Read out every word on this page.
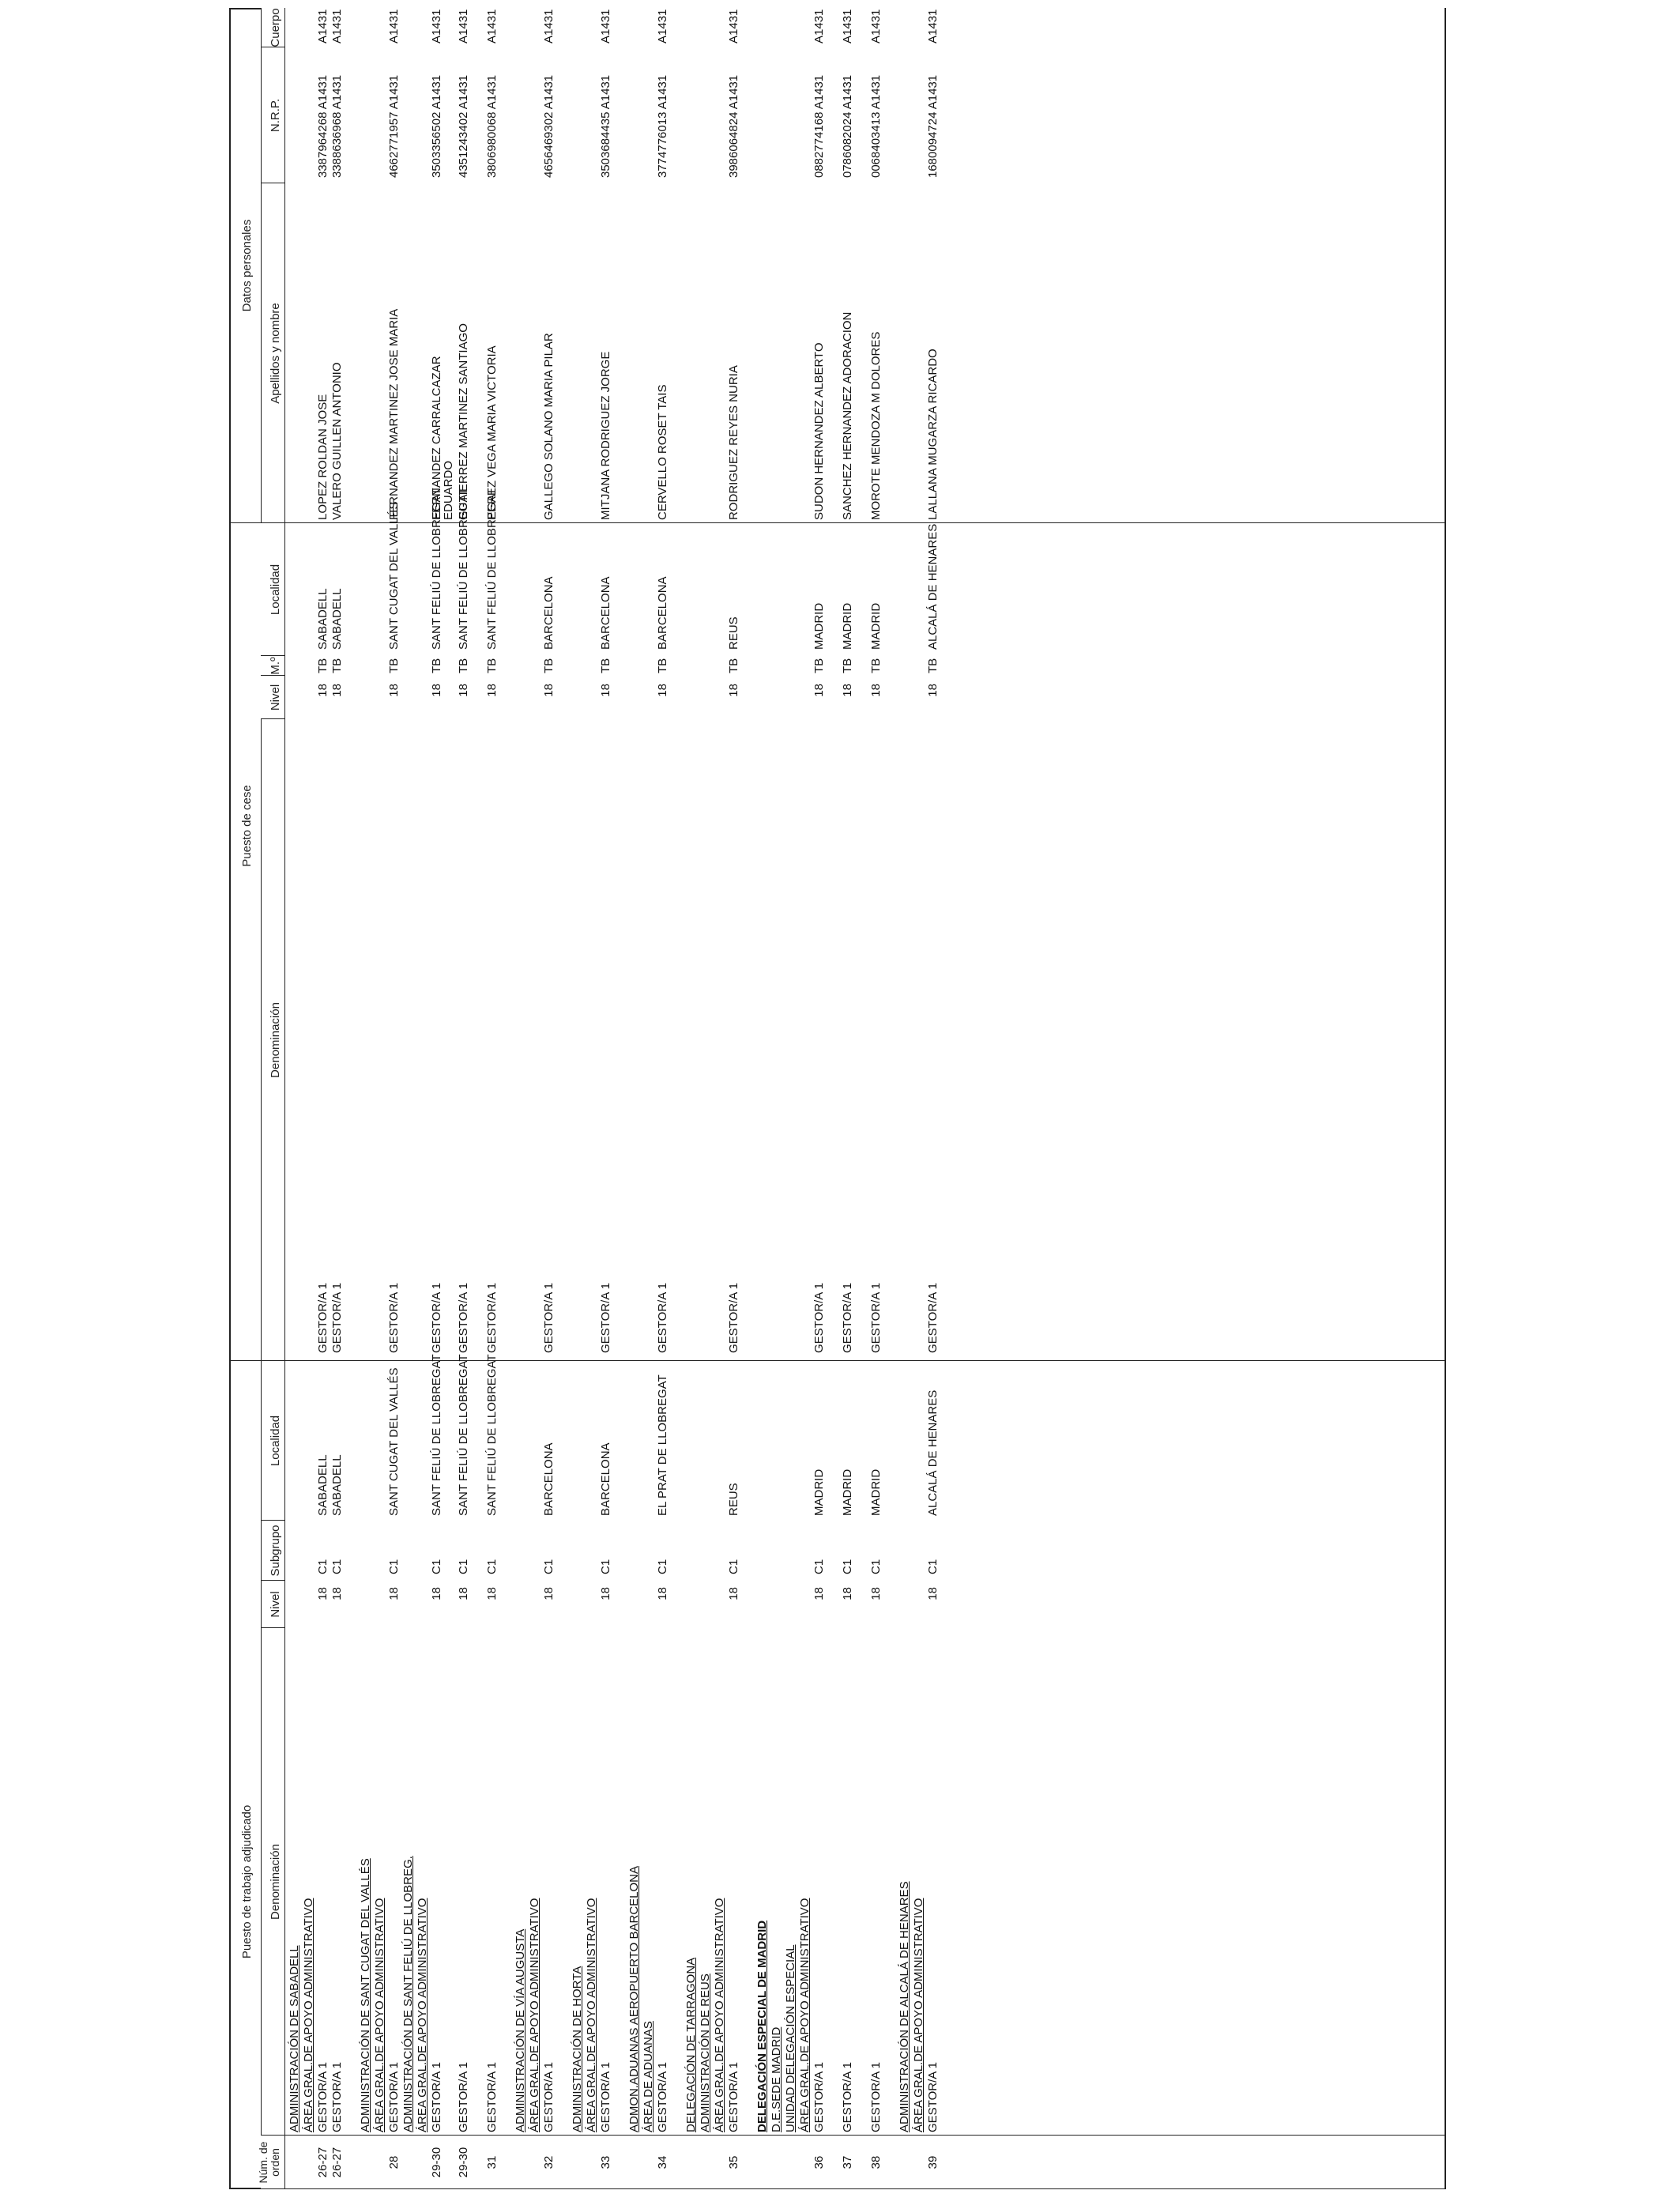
Puesto de trabajo adjudicado
Puesto de cese
Datos personales
Núm. de orden
Denominación
Nivel
Subgrupo
Localidad
Denominación
Nivel
M.º
Localidad
Apellidos y nombre
N.R.P.
Cuerpo
ADMINISTRACIÓN DE SABADELL ÁREA GRAL.DE APOYO ADMINISTRATIVO
26-27
GESTOR/A 1
18
C1
SABADELL
GESTOR/A 1
18
TB
SABADELL
LOPEZ ROLDAN JOSE
3387964268 A1431
A1431
26-27
GESTOR/A 1
18
C1
SABADELL
GESTOR/A 1
18
TB
SABADELL
VALERO GUILLEN ANTONIO
3388636968 A1431
A1431
ADMINISTRACIÓN DE SANT CUGAT DEL VALLÉS ÁREA GRAL.DE APOYO ADMINISTRATIVO
28
GESTOR/A 1
18
C1
SANT CUGAT DEL VALLÉS
GESTOR/A 1
18
TB
SANT CUGAT DEL VALLÉS
FERNANDEZ MARTINEZ JOSE MARIA
4662771957 A1431
A1431
ADMINISTRACIÓN DE SANT FELIÚ DE LLOBREG. ÁREA GRAL.DE APOYO ADMINISTRATIVO
29-30
GESTOR/A 1
18
C1
SANT FELIÚ DE LLOBREGAT
GESTOR/A 1
18
TB
SANT FELIÚ DE LLOBREGAT
FERNANDEZ CARRALCAZAR
3503356502 A1431
A1431
EDUARDO
29-30
GESTOR/A 1
18
C1
SANT FELIÚ DE LLOBREGAT
GESTOR/A 1
18
TB
SANT FELIÚ DE LLOBREGAT
GUTIERREZ MARTINEZ SANTIAGO
4351243402 A1431
A1431
31
GESTOR/A 1
18
C1
SANT FELIÚ DE LLOBREGAT
GESTOR/A 1
18
TB
SANT FELIÚ DE LLOBREGAT
PEREZ VEGA MARIA VICTORIA
3806980068 A1431
A1431
ADMINISTRACIÓN DE VÍA AUGUSTA ÁREA GRAL.DE APOYO ADMINISTRATIVO
32
GESTOR/A 1
18
C1
BARCELONA
GESTOR/A 1
18
TB
BARCELONA
GALLEGO SOLANO MARIA PILAR
4656469302 A1431
A1431
ADMINISTRACIÓN DE HORTA ÁREA GRAL.DE APOYO ADMINISTRATIVO
33
GESTOR/A 1
18
C1
BARCELONA
GESTOR/A 1
18
TB
BARCELONA
MITJANA RODRIGUEZ JORGE
3503684435 A1431
A1431
ADMON.ADUANAS AEROPUERTO BARCELONA ÁREA DE ADUANAS
34
GESTOR/A 1
18
C1
EL PRAT DE LLOBREGAT
GESTOR/A 1
18
TB
BARCELONA
CERVELLO ROSET TAIS
3774776013 A1431
A1431
DELEGACIÓN DE TARRAGONA ADMINISTRACIÓN DE REUS ÁREA GRAL.DE APOYO ADMINISTRATIVO
35
GESTOR/A 1
18
C1
REUS
GESTOR/A 1
18
TB
REUS
RODRIGUEZ REYES NURIA
3986064824 A1431
A1431
DELEGACIÓN ESPECIAL DE MADRID D.E.SEDE MADRID UNIDAD DELEGACIÓN ESPECIAL ÁREA GRAL.DE APOYO ADMINISTRATIVO
36
GESTOR/A 1
18
C1
MADRID
GESTOR/A 1
18
TB
MADRID
SUDON HERNANDEZ ALBERTO
0882774168 A1431
A1431
37
GESTOR/A 1
18
C1
MADRID
GESTOR/A 1
18
TB
MADRID
SANCHEZ HERNANDEZ ADORACION
0786082024 A1431
A1431
38
GESTOR/A 1
18
C1
MADRID
GESTOR/A 1
18
TB
MADRID
MOROTE MENDOZA M DOLORES
0068403413 A1431
A1431
ADMINISTRACIÓN DE ALCALÁ DE HENARES ÁREA GRAL.DE APOYO ADMINISTRATIVO
39
GESTOR/A 1
18
C1
ALCALÁ DE HENARES
GESTOR/A 1
18
TB
ALCALÁ DE HENARES
LALLANA MUGARZA RICARDO
1680094724 A1431
A1431
